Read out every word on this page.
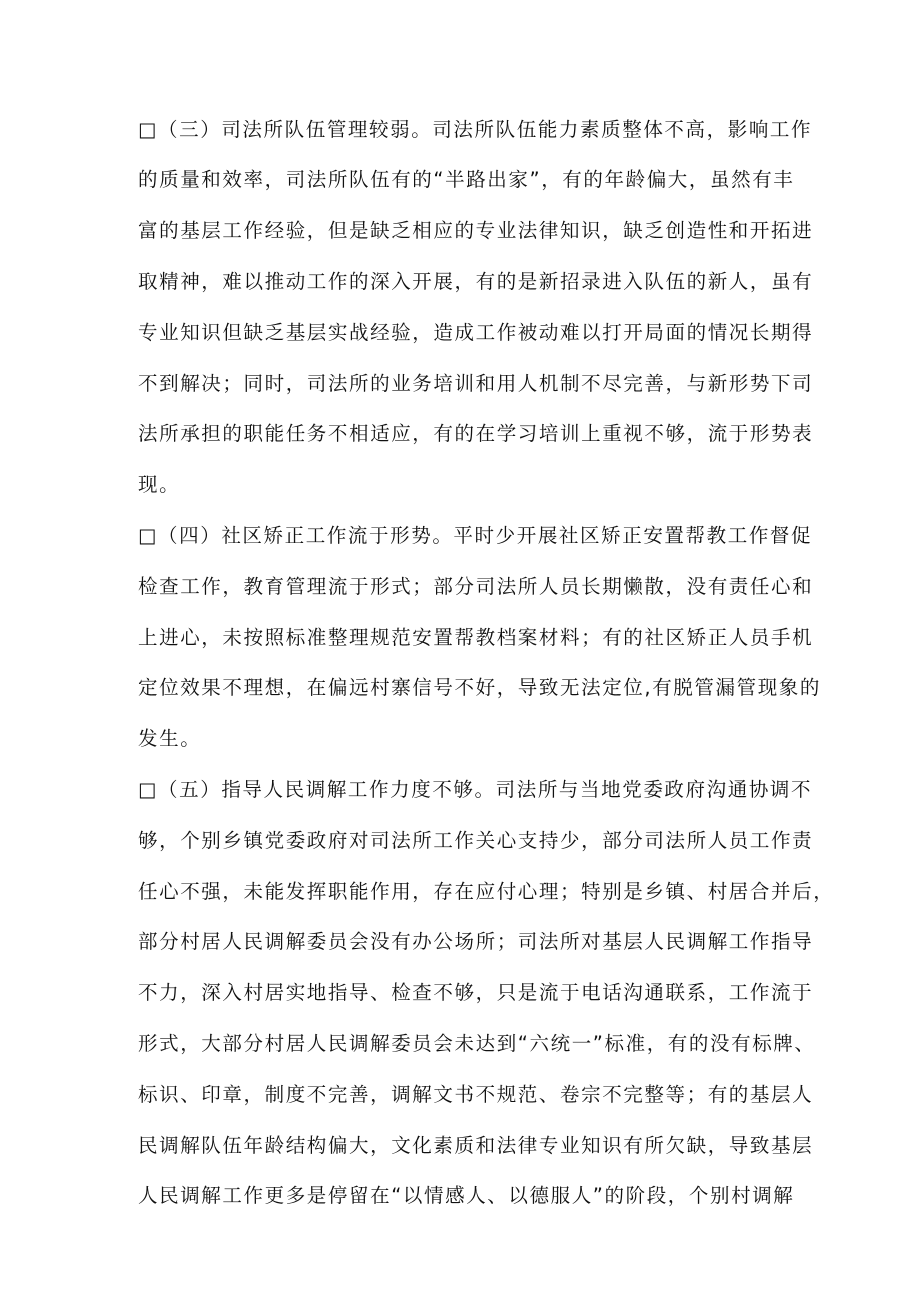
□（三）司法所队伍管理较弱。司法所队伍能力素质整体不高，影响工作
的质量和效率，司法所队伍有的“半路出家”，有的年龄偏大，虽然有丰
富的基层工作经验，但是缺乏相应的专业法律知识，缺乏创造性和开拓进
取精神，难以推动工作的深入开展，有的是新招录进入队伍的新人，虽有
专业知识但缺乏基层实战经验，造成工作被动难以打开局面的情况长期得
不到解决；同时，司法所的业务培训和用人机制不尽完善，与新形势下司
法所承担的职能任务不相适应，有的在学习培训上重视不够，流于形势表
现。
□（四）社区矫正工作流于形势。平时少开展社区矫正安置帮教工作督促
检查工作，教育管理流于形式；部分司法所人员长期懒散，没有责任心和
上进心，未按照标准整理规范安置帮教档案材料；有的社区矫正人员手机
定位效果不理想，在偏远村寨信号不好，导致无法定位,有脱管漏管现象的
发生。
□（五）指导人民调解工作力度不够。司法所与当地党委政府沟通协调不
够，个别乡镇党委政府对司法所工作关心支持少，部分司法所人员工作责
任心不强，未能发挥职能作用，存在应付心理；特别是乡镇、村居合并后，
部分村居人民调解委员会没有办公场所；司法所对基层人民调解工作指导
不力，深入村居实地指导、检查不够，只是流于电话沟通联系，工作流于
形式，大部分村居人民调解委员会未达到“六统一”标准，有的没有标牌、
标识、印章，制度不完善，调解文书不规范、卷宗不完整等；有的基层人
民调解队伍年龄结构偏大，文化素质和法律专业知识有所欠缺，导致基层
人民调解工作更多是停留在“以情感人、以德服人”的阶段，个别村调解
